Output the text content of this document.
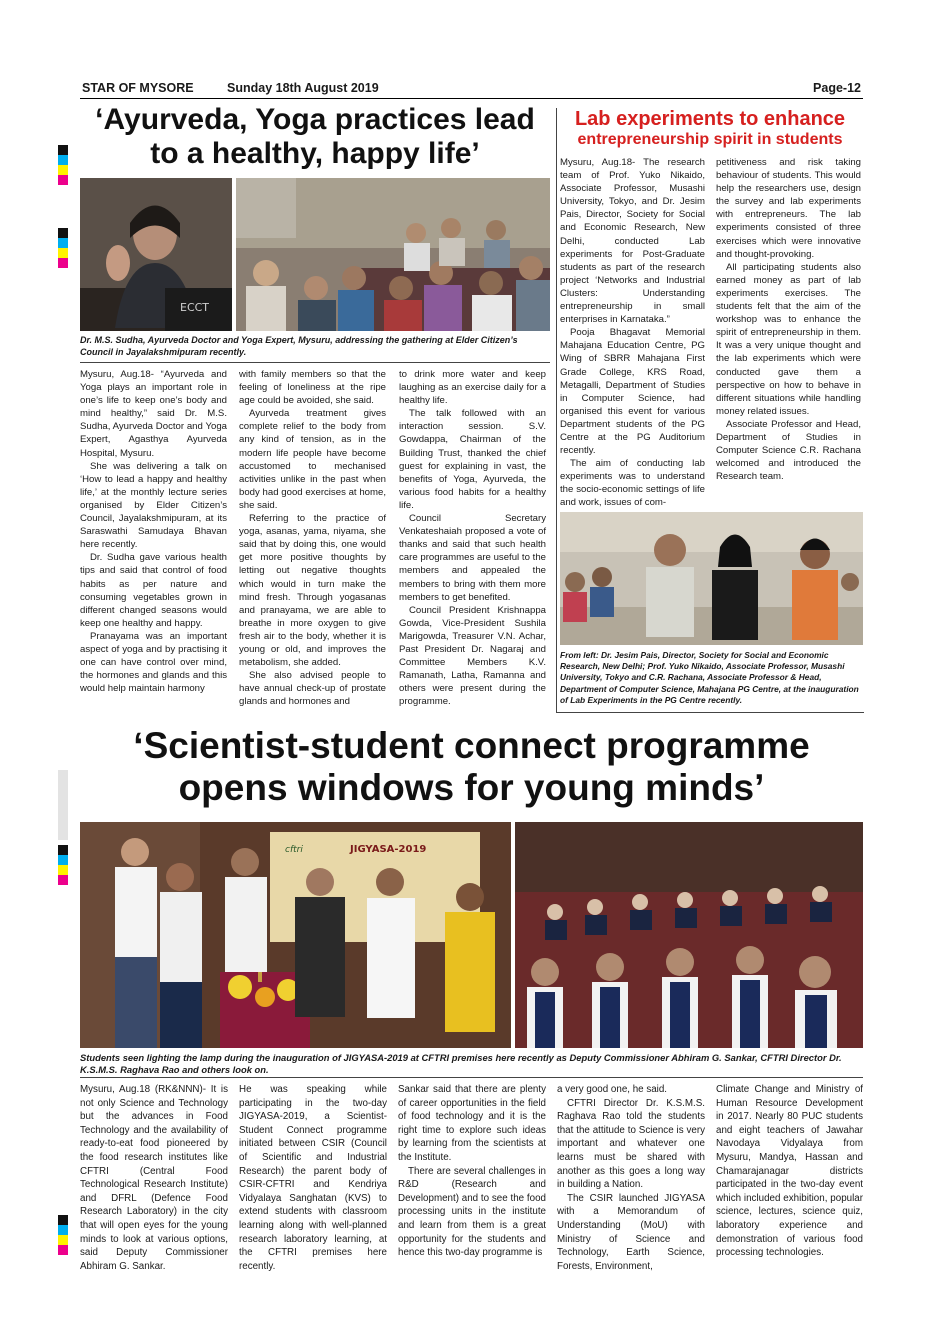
STAR OF MYSORE	Sunday 18th August 2019	Page-12
‘Ayurveda, Yoga practices lead
to a healthy, happy life’
ECCT
Dr. M.S. Sudha, Ayurveda Doctor and Yoga Expert, Mysuru, addressing the gathering at Elder Citizen’s Council in Jayalakshmipuram recently.

Mysuru, Aug.18- “Ayurveda and Yoga plays an important role in one’s life to keep one’s body and mind healthy,” said Dr. M.S. Sudha, Ayurveda Doctor and Yoga Expert, Agasthya Ayurveda Hospital, Mysuru.

She was delivering a talk on ‘How to lead a happy and healthy life,’ at the monthly lecture series organised by Elder Citizen’s Council, Jayalakshmipuram, at its Saraswathi Samudaya Bhavan here recently.

Dr. Sudha gave various health tips and said that control of food habits as per nature and consuming vegetables grown in different changed seasons would keep one healthy and happy.

Pranayama was an important aspect of yoga and by practising it one can have control over mind, the hormones and glands and this would help maintain harmony

with family members so that the feeling of loneliness at the ripe age could be avoided, she said.

Ayurveda treatment gives complete relief to the body from any kind of tension, as in the modern life people have become accustomed to mechanised activities unlike in the past when body had good exercises at home, she said.

Referring to the practice of yoga, asanas, yama, niyama, she said that by doing this, one would get more positive thoughts by letting out negative thoughts which would in turn make the mind fresh. Through yogasanas and pranayama, we are able to breathe in more oxygen to give fresh air to the body, whether it is young or old, and improves the metabolism, she added.

She also advised people to have annual check-up of prostate glands and hormones and

to drink more water and keep laughing as an exercise daily for a healthy life.

The talk followed with an interaction session. S.V. Gowdappa, Chairman of the Building Trust, thanked the chief guest for explaining in vast, the benefits of Yoga, Ayurveda, the various food habits for a healthy life.

Council Secretary Venkateshaiah proposed a vote of thanks and said that such health care programmes are useful to the members and appealed the members to bring with them more members to get benefited.

Council President Krishnappa Gowda, Vice-President Sushila Marigowda, Treasurer V.N. Achar, Past President Dr. Nagaraj and Committee Members K.V. Ramanath, Latha, Ramanna and others were present during the programme.

Lab experiments to enhance
entrepreneurship spirit in students

Mysuru, Aug.18- The research team of Prof. Yuko Nikaido, Associate Professor, Musashi University, Tokyo, and Dr. Jesim Pais, Director, Society for Social and Economic Research, New Delhi, conducted Lab experiments for Post-Graduate students as part of the research project ‘Networks and Industrial Clusters: Understanding entrepreneurship in small enterprises in Karnataka.”

Pooja Bhagavat Memorial Mahajana Education Centre, PG Wing of SBRR Mahajana First Grade College, KRS Road, Metagalli, Department of Studies in Computer Science, had organised this event for various Department students of the PG Centre at the PG Auditorium recently.

The aim of conducting lab experiments was to understand the socio-economic settings of life and work, issues of com-

petitiveness and risk taking behaviour of students. This would help the researchers use, design the survey and lab experiments with entrepreneurs. The lab experiments consisted of three exercises which were innovative and thought-provoking.

All participating students also earned money as part of lab experiments exercises. The students felt that the aim of the workshop was to enhance the spirit of entrepreneurship in them. It was a very unique thought and the lab experiments which were conducted gave them a perspective on how to behave in different situations while handling money related issues.

Associate Professor and Head, Department of Studies in Computer Science C.R. Rachana welcomed and introduced the Research team.

From left: Dr. Jesim Pais, Director, Society for Social and Economic Research, New Delhi; Prof. Yuko Nikaido, Associate Professor, Musashi University, Tokyo and C.R. Rachana, Associate Professor & Head, Department of Computer Science, Mahajana PG Centre, at the inauguration of Lab Experiments in the PG Centre recently.
‘Scientist-student connect programme
opens windows for young minds’
JIGYASA-2019
cftri
Students seen lighting the lamp during the inauguration of JIGYASA-2019 at CFTRI premises here recently as Deputy Commissioner Abhiram G. Sankar, CFTRI Director Dr. K.S.M.S. Raghava Rao and others look on.

Mysuru, Aug.18 (RK&NNN)- It is not only Science and Technology but the advances in Food Technology and the availability of ready-to-eat food pioneered by the food research institutes like CFTRI (Central Food Technological Research Institute) and DFRL (Defence Food Research Laboratory) in the city that will open eyes for the young minds to look at various options, said Deputy Commissioner Abhiram G. Sankar.

He was speaking while participating in the two-day JIGYASA-2019, a Scientist-Student Connect programme initiated between CSIR (Council of Scientific and Industrial Research) the parent body of CSIR-CFTRI and Kendriya Vidyalaya Sanghatan (KVS) to extend students with classroom learning along with well-planned research laboratory learning, at the CFTRI premises here recently.

Sankar said that there are plenty of career opportunities in the field of food technology and it is the right time to explore such ideas by learning from the scientists at the Institute.

There are several challenges in R&D (Research and Development) and to see the food processing units in the institute and learn from them is a great opportunity for the students and hence this two-day programme is

a very good one, he said.

CFTRI Director Dr. K.S.M.S. Raghava Rao told the students that the attitude to Science is very important and whatever one learns must be shared with another as this goes a long way in building a Nation.

The CSIR launched JIGYASA with a Memorandum of Understanding (MoU) with Ministry of Science and Technology, Earth Science, Forests, Environment,

Climate Change and Ministry of Human Resource Development in 2017. Nearly 80 PUC students and eight teachers of Jawahar Navodaya Vidyalaya from Mysuru, Mandya, Hassan and Chamarajanagar districts participated in the two-day event which included exhibition, popular science, lectures, science quiz, laboratory experience and demonstration of various food processing technologies.
